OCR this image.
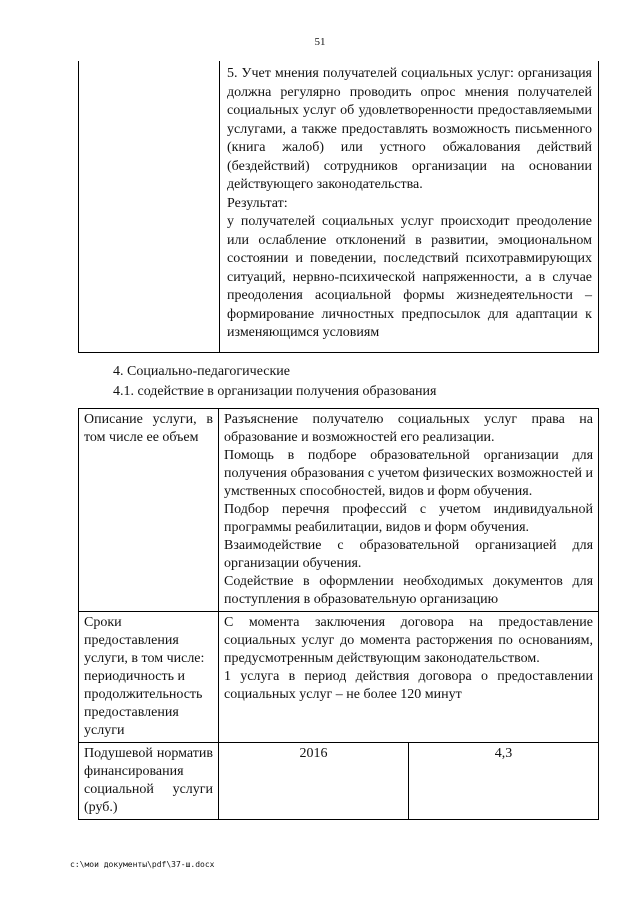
51

5. Учет мнения получателей социальных услуг: организация должна регулярно проводить опрос мнения получателей социальных услуг об удовлетворенности предоставляемыми услугами, а также предоставлять возможность письменного (книга жалоб) или устного обжалования действий (бездействий) сотрудников организации на основании действующего законодательства.

Результат:

у получателей социальных услуг происходит преодоление или ослабление отклонений в развитии, эмоциональном состоянии и поведении, последствий психотравмирующих ситуаций, нервно-психической напряженности, а в случае преодоления асоциальной формы жизнедеятельности – формирование личностных предпосылок для адаптации к изменяющимся условиям

4. Социально-педагогические
4.1. содействие в организации получения образования
Описание услуги, в том числе ее объем	Разъяснение получателю социальных услуг права на образование и возможностей его реализации.

Помощь в подборе образовательной организации для получения образования с учетом физических возможностей и умственных способностей, видов и форм обучения.

Подбор перечня профессий с учетом индивидуальной программы реабилитации, видов и форм обучения.

Взаимодействие с образовательной организацией для организации обучения.

Содействие в оформлении необходимых документов для поступления в образовательную организацию	

Сроки предоставления услуги, в том числе: периодичность и продолжительность предоставления услуги	С момента заключения договора на предоставление социальных услуг до момента расторжения по основаниям, предусмотренным действующим законодательством.

1 услуга в период действия договора о предоставлении социальных услуг – не более 120 минут	

Подушевой норматив финансирования социальной услуги (руб.)	2016	4,3
c:\мои документы\pdf\37-ш.docx
